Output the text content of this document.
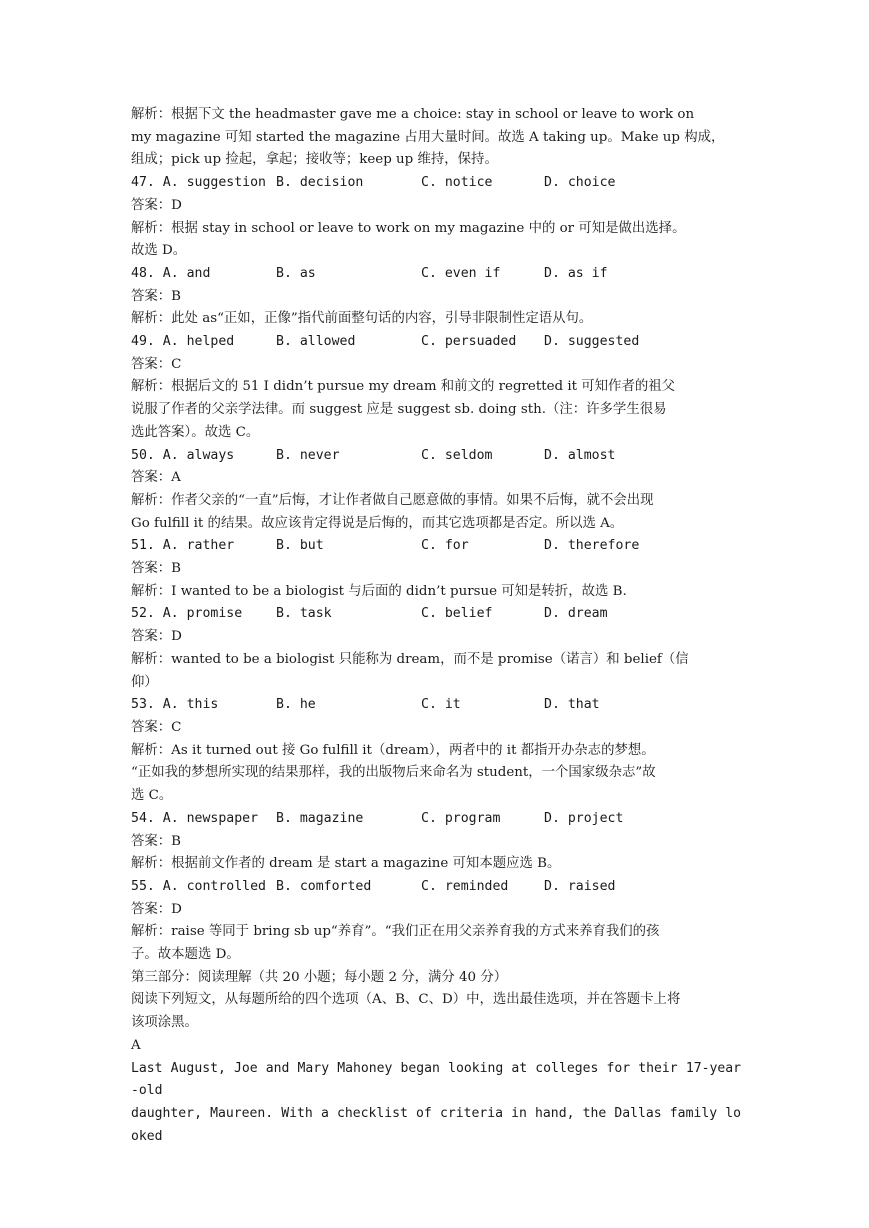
解析：根据下文 the headmaster gave me a choice: stay in school or leave to work on
my magazine 可知 started the magazine 占用大量时间。故选 A taking up。Make up 构成，
组成；pick up 捡起，拿起；接收等；keep up 维持，保持。
47. A. suggestion B. decision	C. notice	D. choice
答案：D
解析：根据 stay in school or leave to work on my magazine 中的 or 可知是做出选择。
故选 D。
48. A. and	B. as	C. even if	D. as if
答案：B
解析：此处 as“正如，正像”指代前面整句话的内容，引导非限制性定语从句。
49. A. helped	B. allowed	C. persuaded	D. suggested
答案：C
解析：根据后文的 51 I didn’t pursue my dream 和前文的 regretted it 可知作者的祖父
说服了作者的父亲学法律。而 suggest 应是 suggest sb. doing sth.（注：许多学生很易
选此答案）。故选 C。
50. A. always	B. never	C. seldom	D. almost
答案：A
解析：作者父亲的“一直”后悔，才让作者做自己愿意做的事情。如果不后悔，就不会出现
Go fulfill it 的结果。故应该肯定得说是后悔的，而其它选项都是否定。所以选 A。
51. A. rather	B. but	C. for	D. therefore
答案：B
解析：I wanted to be a biologist 与后面的 didn’t pursue 可知是转折，故选 B.
52. A. promise	B. task	C. belief	D. dream
答案：D
解析：wanted to be a biologist 只能称为 dream，而不是 promise（诺言）和 belief（信
仰）
53. A. this	B. he	C. it	D. that
答案：C
解析：As it turned out 接 Go fulfill it（dream），两者中的 it 都指开办杂志的梦想。
“正如我的梦想所实现的结果那样，我的出版物后来命名为 student，一个国家级杂志”故
选 C。
54. A. newspaper	B. magazine	C. program	D. project
答案：B
解析：根据前文作者的 dream 是 start a magazine 可知本题应选 B。
55. A. controlled B. comforted	C. reminded	D. raised
答案：D
解析：raise 等同于 bring sb up“养育”。“我们正在用父亲养育我的方式来养育我们的孩
子。故本题选 D。
第三部分：阅读理解（共 20 小题；每小题 2 分，满分 40 分）
阅读下列短文，从每题所给的四个选项（A、B、C、D）中，选出最佳选项，并在答题卡上将
该项涂黑。
A
Last August, Joe and Mary Mahoney began looking at colleges for their 17-year-old
daughter, Maureen. With a checklist of criteria in hand, the Dallas family looked
